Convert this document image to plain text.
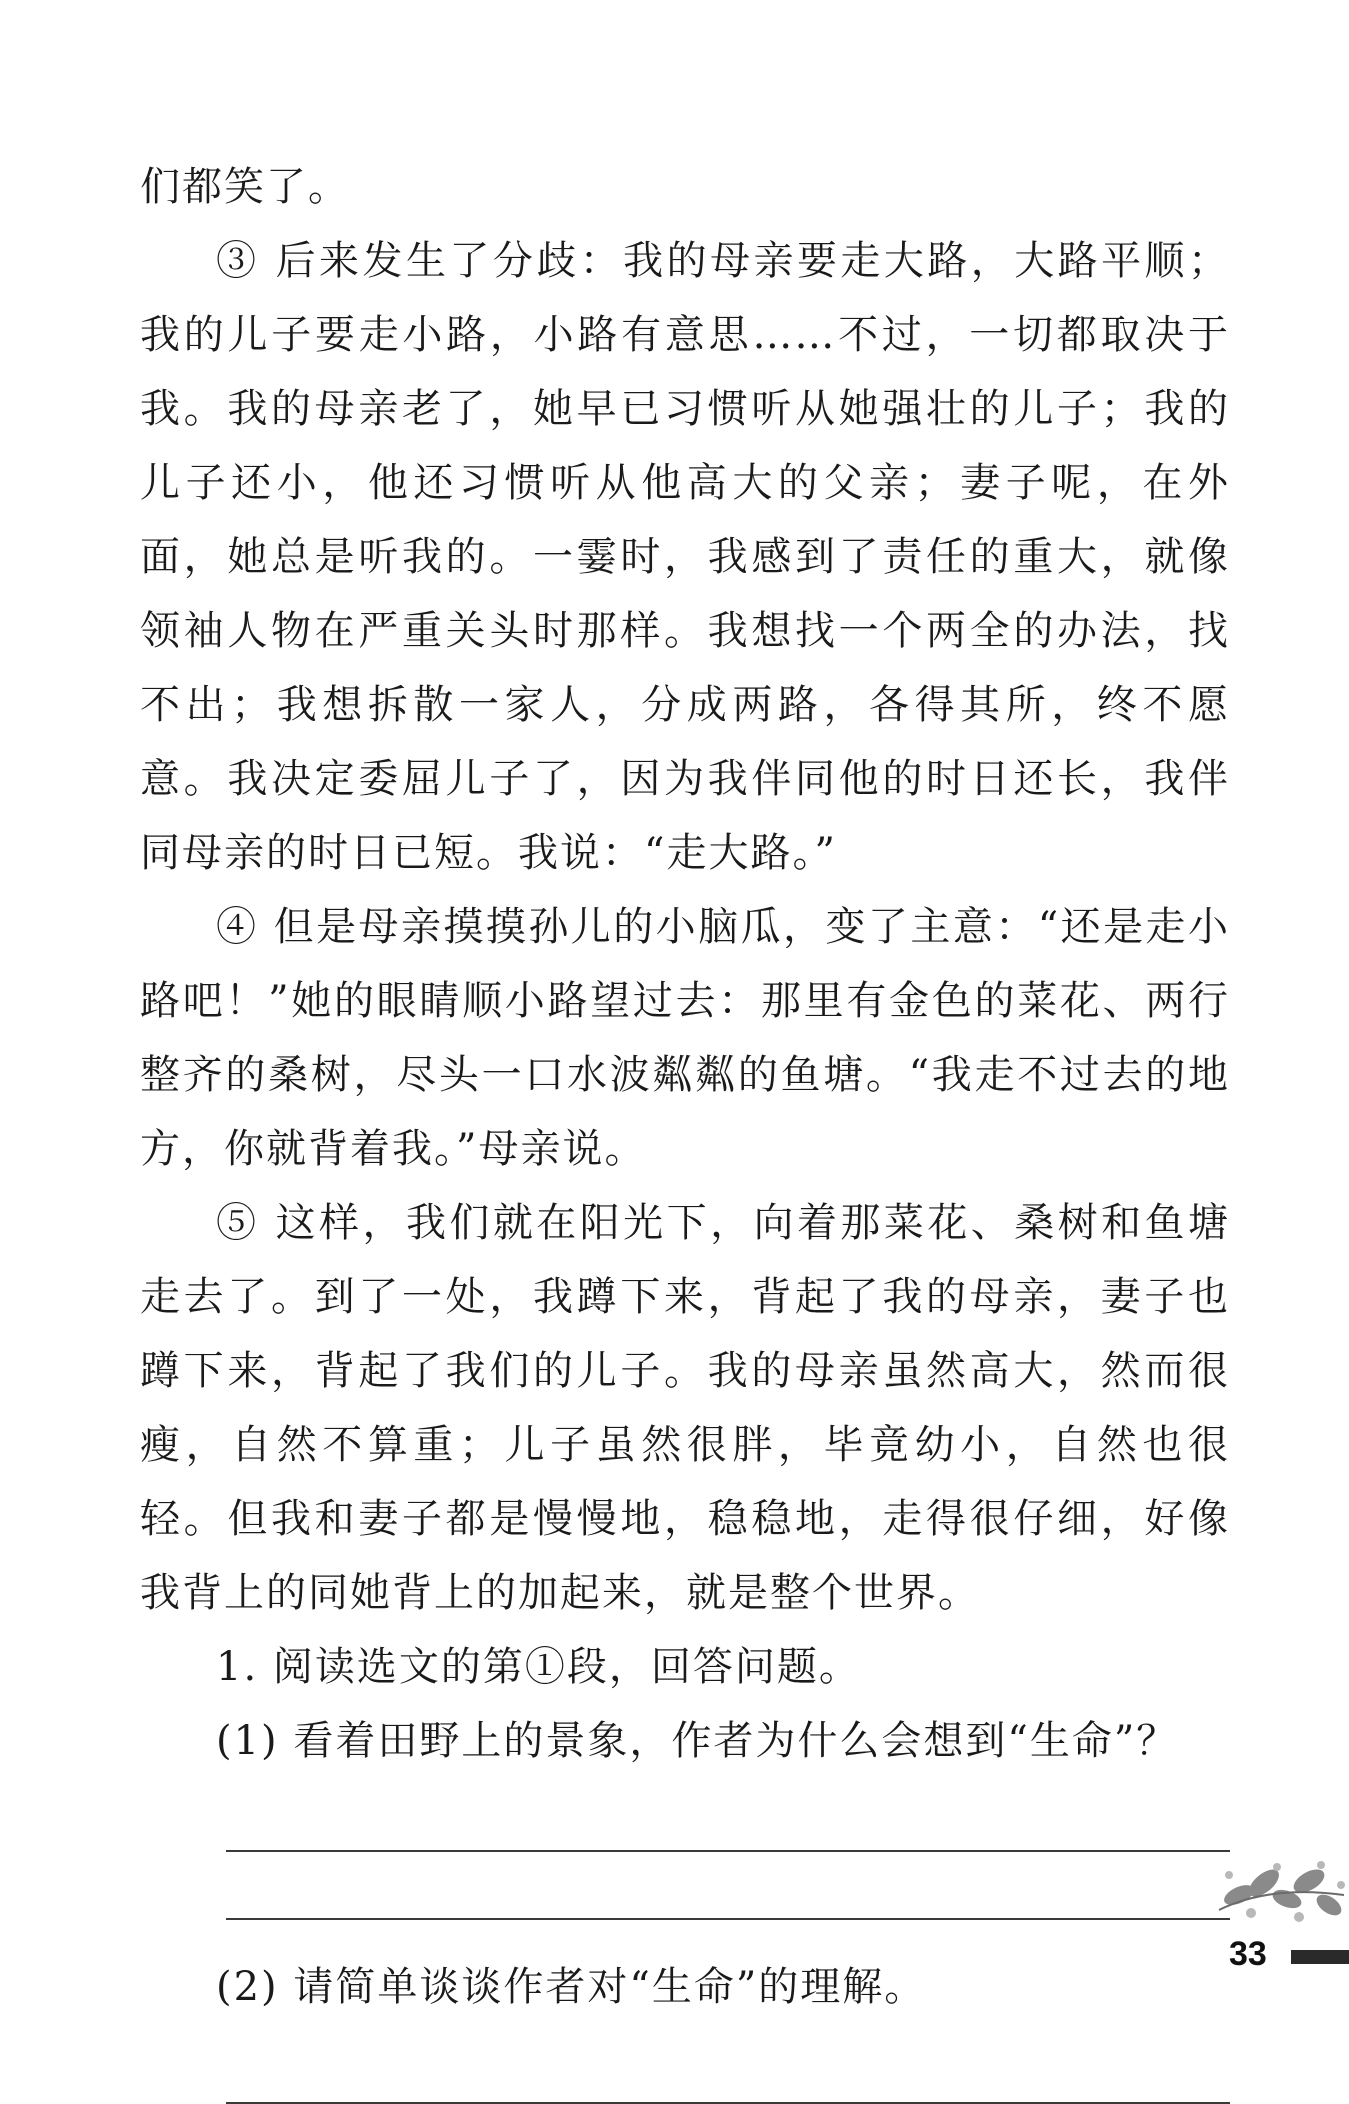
们都笑了。

③ 后来发生了分歧：我的母亲要走大路，大路平顺；我的儿子要走小路，小路有意思……不过，一切都取决于我。我的母亲老了，她早已习惯听从她强壮的儿子；我的儿子还小，他还习惯听从他高大的父亲；妻子呢，在外面，她总是听我的。一霎时，我感到了责任的重大，就像领袖人物在严重关头时那样。我想找一个两全的办法，找不出；我想拆散一家人，分成两路，各得其所，终不愿意。我决定委屈儿子了，因为我伴同他的时日还长，我伴同母亲的时日已短。我说：“走大路。”

④ 但是母亲摸摸孙儿的小脑瓜，变了主意：“还是走小路吧！”她的眼睛顺小路望过去：那里有金色的菜花、两行整齐的桑树，尽头一口水波粼粼的鱼塘。“我走不过去的地方，你就背着我。”母亲说。

⑤ 这样，我们就在阳光下，向着那菜花、桑树和鱼塘走去了。到了一处，我蹲下来，背起了我的母亲，妻子也蹲下来，背起了我们的儿子。我的母亲虽然高大，然而很瘦，自然不算重；儿子虽然很胖，毕竟幼小，自然也很轻。但我和妻子都是慢慢地，稳稳地，走得很仔细，好像我背上的同她背上的加起来，就是整个世界。

1. 阅读选文的第①段，回答问题。

(1) 看着田野上的景象，作者为什么会想到“生命”？

(2) 请简单谈谈作者对“生命”的理解。

33
